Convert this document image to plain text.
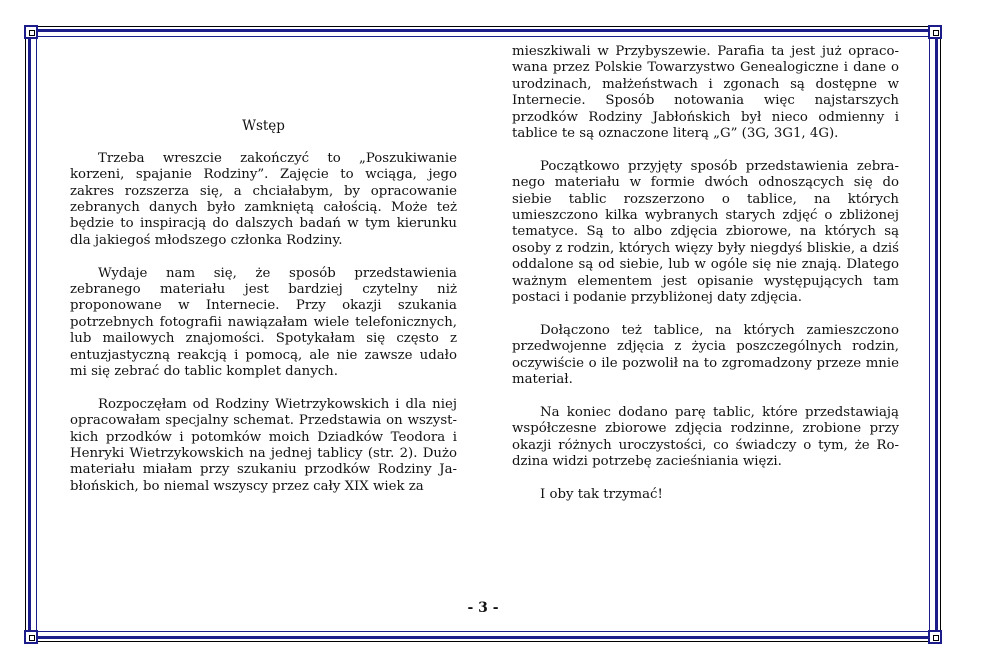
Wstęp

Trzeba wreszcie zakończyć to „Poszukiwanie korzeni, spajanie Rodziny”. Zajęcie to wciąga, jego zakres rozszerza się, a chciałabym, by opracowanie zebranych danych było zamkniętą całością. Może też będzie to inspiracją do dalszych badań w tym kierunku dla jakiegoś młodszego członka Rodziny.

Wydaje nam się, że sposób przedstawienia zebranego materiału jest bardziej czytelny niż proponowane w Internecie. Przy okazji szukania potrzebnych fotografii nawiązałam wiele telefonicznych, lub mailowych znajomości. Spotykałam się często z entuzjastyczną reakcją i pomocą, ale nie zawsze udało mi się zebrać do tablic komplet danych.

Rozpoczęłam od Rodziny Wietrzykowskich i dla niej opracowałam specjalny schemat. Przedstawia on wszystkich przodków i potomków moich Dziadków Teodora i Henryki Wietrzykowskich na jednej tablicy (str. 2). Dużo materiału miałam przy szukaniu przodków Rodziny Jabłońskich, bo niemal wszyscy przez cały XIX wiek za

mieszkiwali w Przybyszewie. Parafia ta jest już opracowana przez Polskie Towarzystwo Genealogiczne i dane o urodzinach, małżeństwach i zgonach są dostępne w Internecie. Sposób notowania więc najstarszych przodków Rodziny Jabłońskich był nieco odmienny i tablice te są oznaczone literą „G” (3G, 3G1, 4G).

Początkowo przyjęty sposób przedstawienia zebranego materiału w formie dwóch odnoszących się do siebie tablic rozszerzono o tablice, na których umieszczono kilka wybranych starych zdjęć o zbliżonej tematyce. Są to albo zdjęcia zbiorowe, na których są osoby z rodzin, których więzy były niegdyś bliskie, a dziś oddalone są od siebie, lub w ogóle się nie znają. Dlatego ważnym elementem jest opisanie występujących tam postaci i podanie przybliżonej daty zdjęcia.

Dołączono też tablice, na których zamieszczono przedwojenne zdjęcia z życia poszczególnych rodzin, oczywiście o ile pozwolił na to zgromadzony przeze mnie materiał.

Na koniec dodano parę tablic, które przedstawiają współczesne zbiorowe zdjęcia rodzinne, zrobione przy okazji różnych uroczystości, co świadczy o tym, że Rodzina widzi potrzebę zacieśniania więzi.

I oby tak trzymać!

- 3 -
